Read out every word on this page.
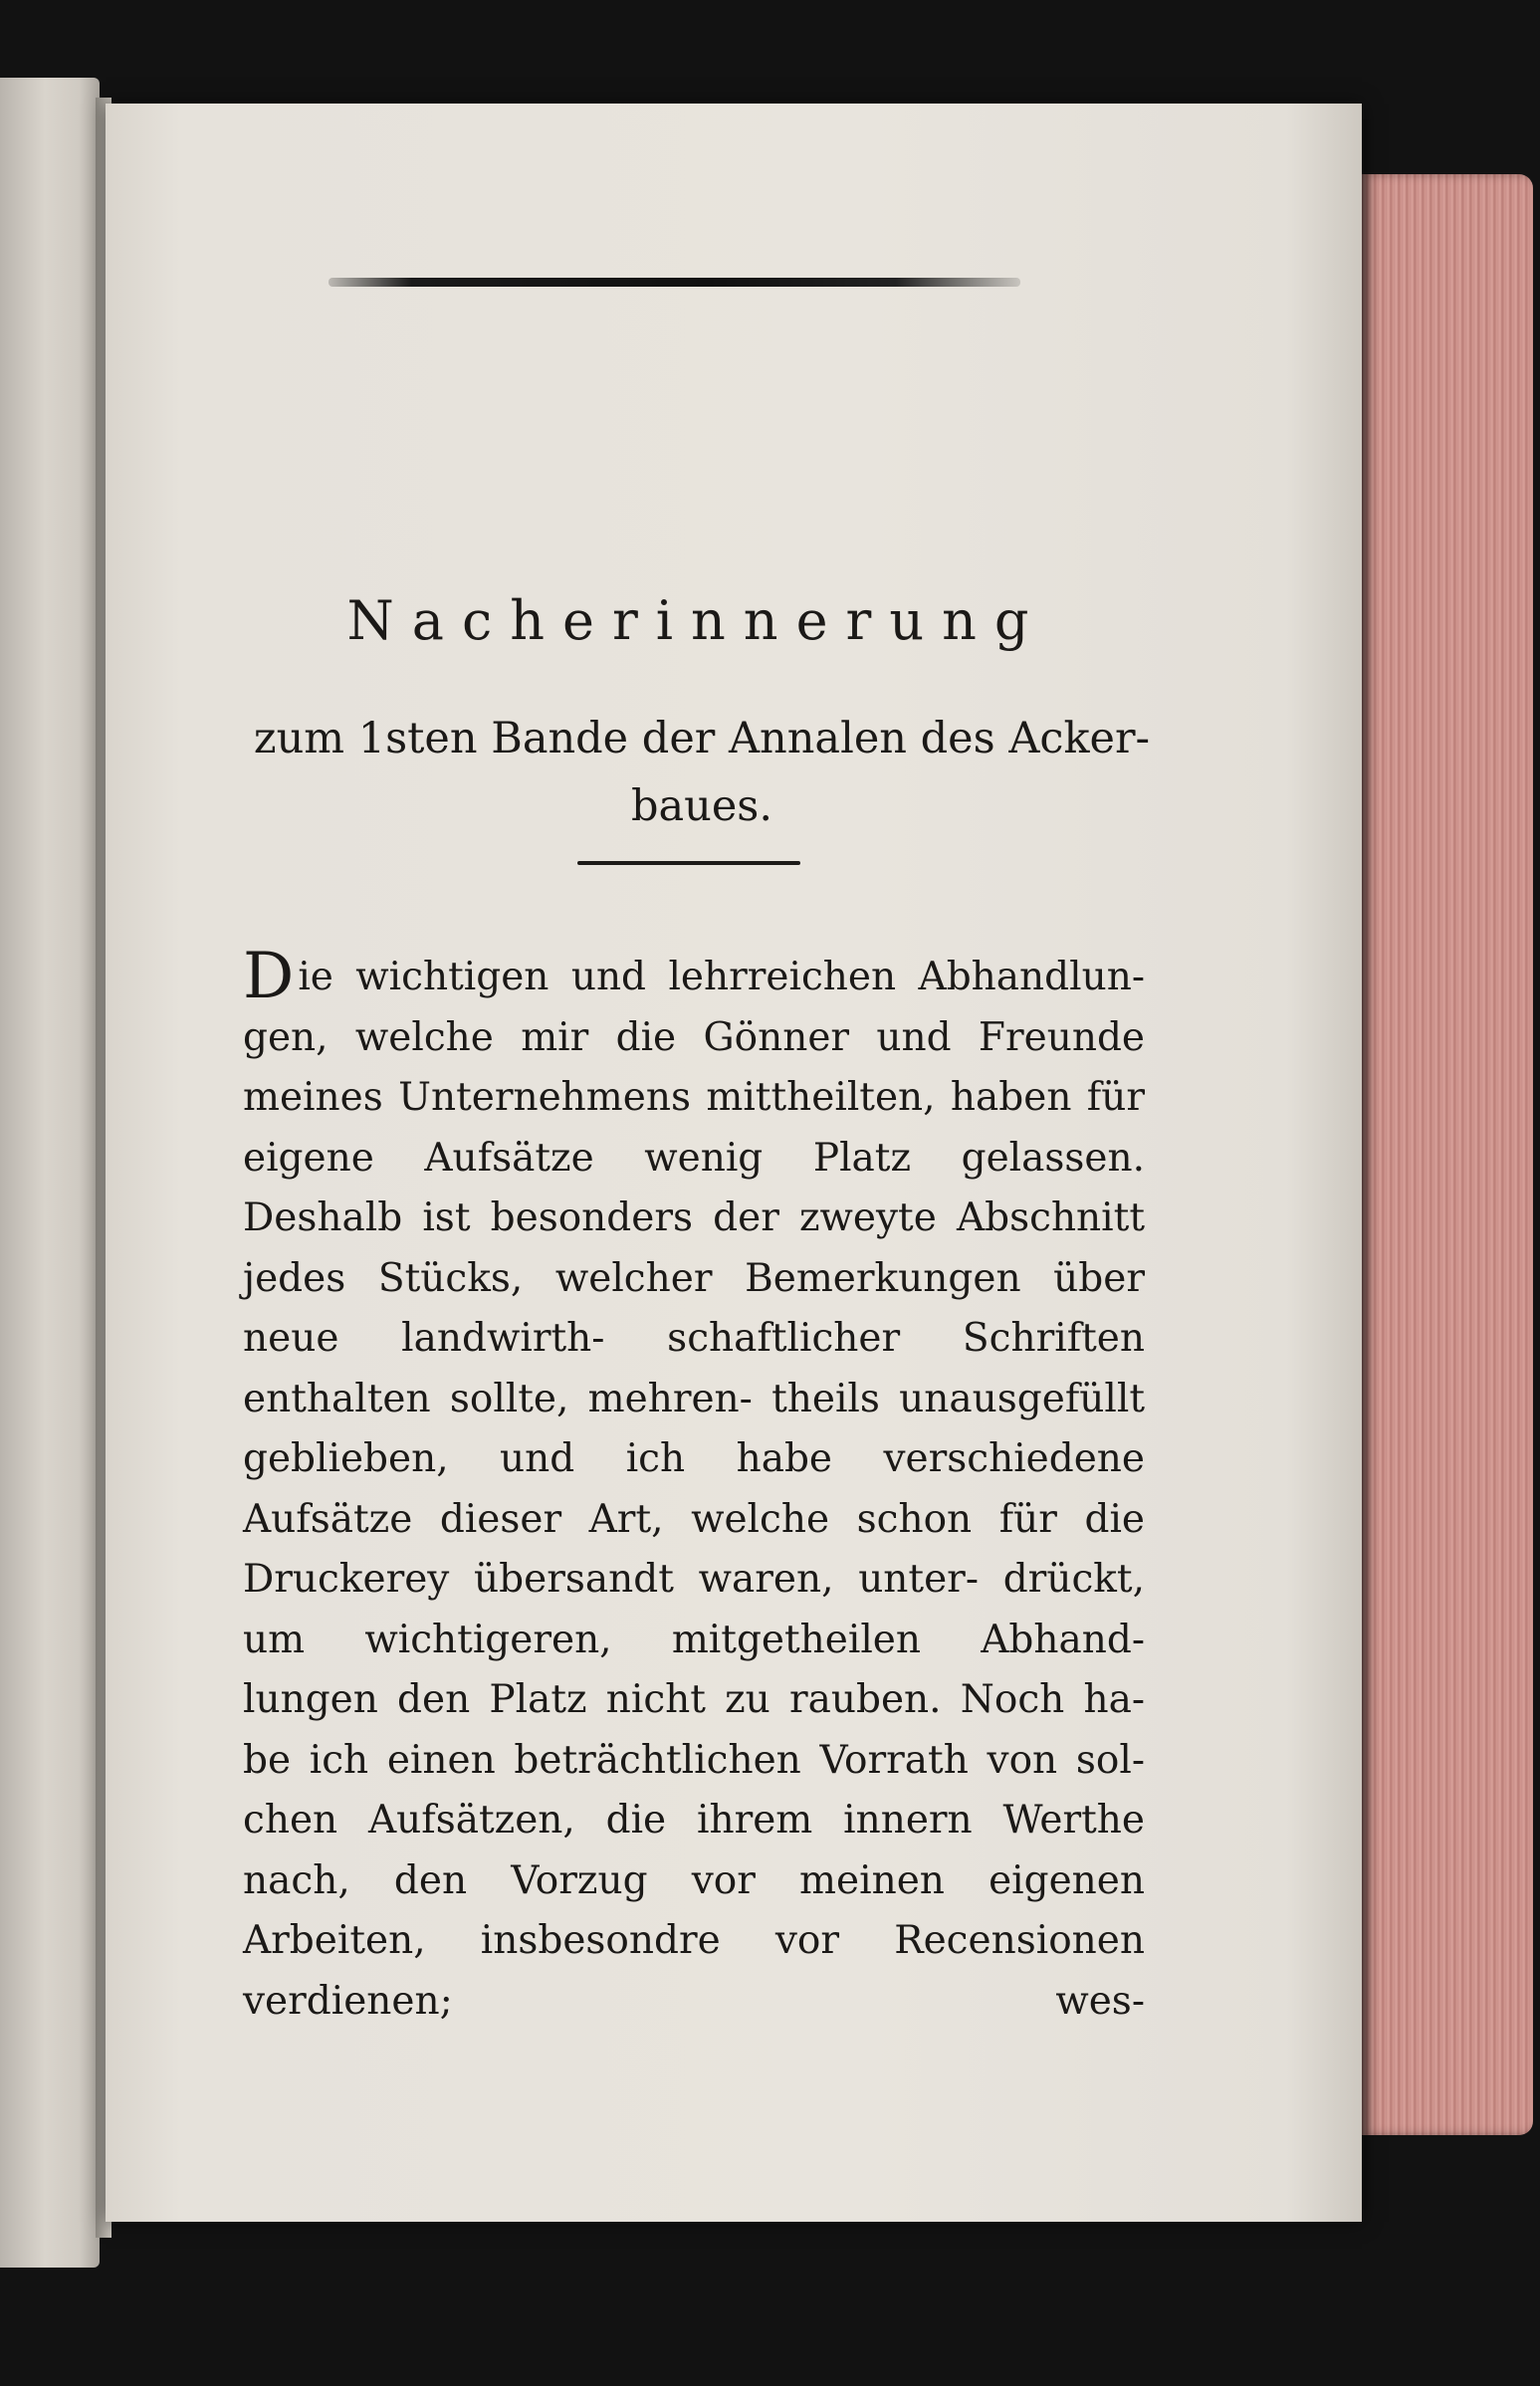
Nacherinnerung

zum 1sten Bande der Annalen des Acker- baues.

Die wichtigen und lehrreichen Abhandlun- gen, welche mir die Gönner und Freunde meines Unternehmens mittheilten, haben für eigene Aufsätze wenig Platz gelassen. Deshalb ist besonders der zweyte Abschnitt jedes Stücks, welcher Bemerkungen über neue landwirth- schaftlicher Schriften enthalten sollte, mehren- theils unausgefüllt geblieben, und ich habe verschiedene Aufsätze dieser Art, welche schon für die Druckerey übersandt waren, unter- drückt, um wichtigeren, mitgetheilen Abhand- lungen den Platz nicht zu rauben. Noch ha- be ich einen beträchtlichen Vorrath von sol- chen Aufsätzen, die ihrem innern Werthe nach, den Vorzug vor meinen eigenen Arbeiten, insbesondre vor Recensionen verdienen; wes-
